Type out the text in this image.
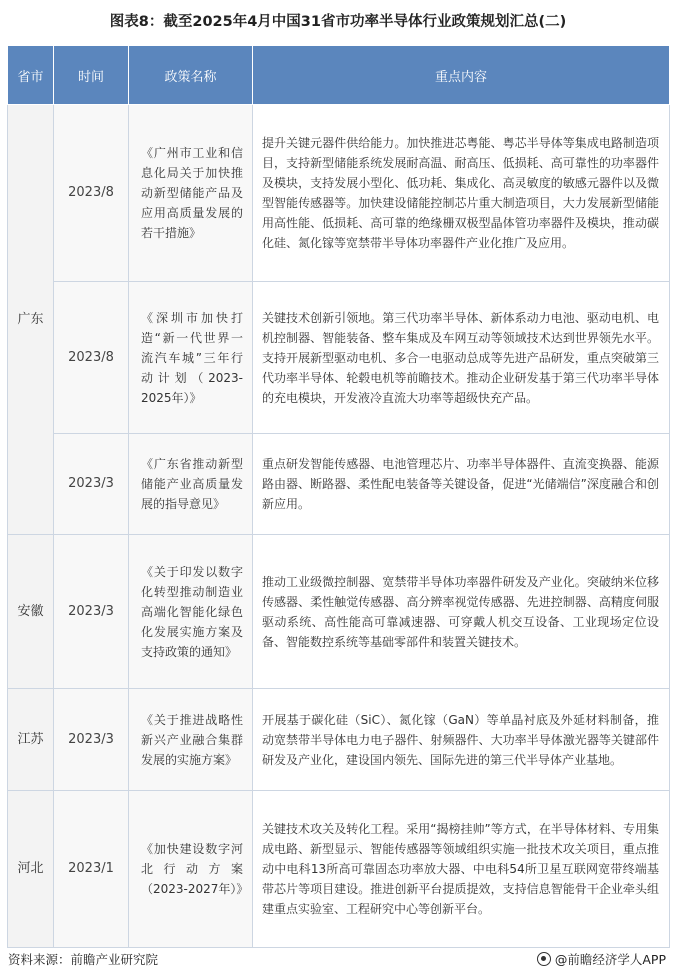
图表8：截至2025年4月中国31省市功率半导体行业政策规划汇总(二)
省市	时间	政策名称	重点内容
广东	2023/8	《广州市工业和信息化局关于加快推动新型储能产品及应用高质量发展的若干措施》	提升关键元器件供给能力。加快推进芯粤能、粤芯半导体等集成电路制造项目，支持新型储能系统发展耐高温、耐高压、低损耗、高可靠性的功率器件及模块，支持发展小型化、低功耗、集成化、高灵敏度的敏感元器件以及微型智能传感器等。加快建设储能控制芯片重大制造项目，大力发展新型储能用高性能、低损耗、高可靠的绝缘栅双极型晶体管功率器件及模块，推动碳化硅、氮化镓等宽禁带半导体功率器件产业化推广及应用。
	2023/8	《深圳市加快打造“新一代世界一流汽车城”三年行动计划（2023-2025年）》	关键技术创新引领地。第三代功率半导体、新体系动力电池、驱动电机、电机控制器、智能装备、整车集成及车网互动等领域技术达到世界领先水平。支持开展新型驱动电机、多合一电驱动总成等先进产品研发，重点突破第三代功率半导体、轮毂电机等前瞻技术。推动企业研发基于第三代功率半导体的充电模块，开发液冷直流大功率等超级快充产品。
	2023/3	《广东省推动新型储能产业高质量发展的指导意见》	重点研发智能传感器、电池管理芯片、功率半导体器件、直流变换器、能源路由器、断路器、柔性配电装备等关键设备，促进“光储端信”深度融合和创新应用。
安徽	2023/3	《关于印发以数字化转型推动制造业高端化智能化绿色化发展实施方案及支持政策的通知》	推动工业级微控制器、宽禁带半导体功率器件研发及产业化。突破纳米位移传感器、柔性触觉传感器、高分辨率视觉传感器、先进控制器、高精度伺服驱动系统、高性能高可靠减速器、可穿戴人机交互设备、工业现场定位设备、智能数控系统等基础零部件和装置关键技术。
江苏	2023/3	《关于推进战略性新兴产业融合集群发展的实施方案》	开展基于碳化硅（SiC）、氮化镓（GaN）等单晶衬底及外延材料制备，推动宽禁带半导体电力电子器件、射频器件、大功率半导体激光器等关键部件研发及产业化，建设国内领先、国际先进的第三代半导体产业基地。
河北	2023/1	《加快建设数字河北行动方案（2023-2027年）》	关键技术攻关及转化工程。采用“揭榜挂帅”等方式，在半导体材料、专用集成电路、新型显示、智能传感器等领域组织实施一批技术攻关项目，重点推动中电科13所高可靠固态功率放大器、中电科54所卫星互联网宽带终端基带芯片等项目建设。推进创新平台提质提效，支持信息智能骨干企业牵头组建重点实验室、工程研究中心等创新平台。
资料来源：前瞻产业研究院	@前瞻经济学人APP
